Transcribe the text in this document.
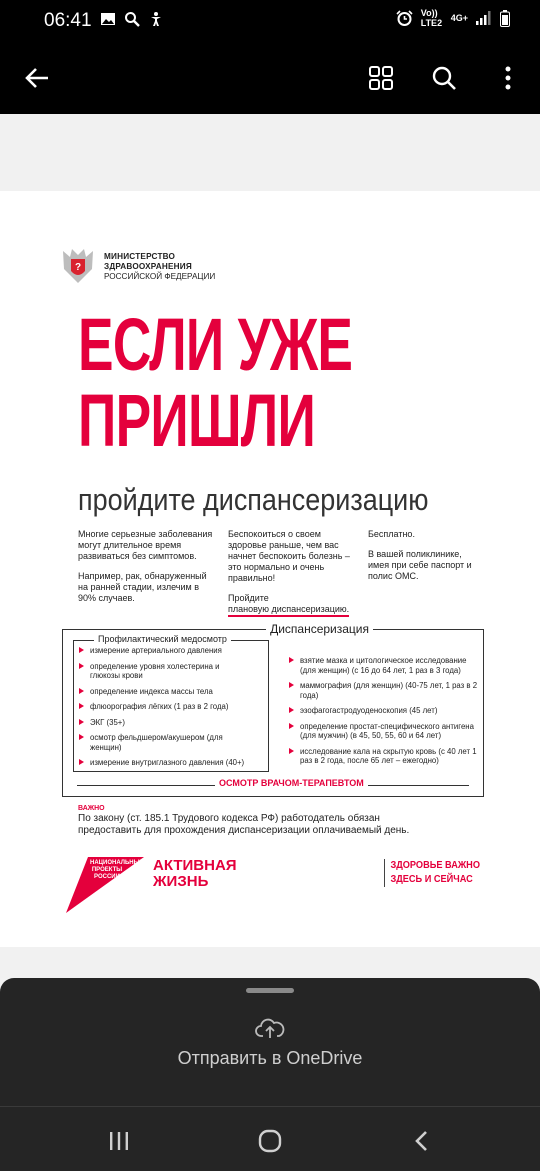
06:41	Vo)) LTE2 4G+
?
МИНИСТЕРСТВО
ЗДРАВООХРАНЕНИЯ
РОССИЙСКОЙ ФЕДЕРАЦИИ
ЕСЛИ УЖЕ
ПРИШЛИ
пройдите диспансеризацию

Многие серьезные заболевания могут длительное время развиваться без симптомов.

Например, рак, обнаруженный на ранней стадии, излечим в 90% случаев.

Беспокоиться о своем здоровье раньше, чем вас начнет беспокоить болезнь – это нормально и очень правильно!

Пройдите
плановую диспансеризацию.

Бесплатно.

В вашей поликлинике, имея при себе паспорт и полис ОМС.

Диспансеризация
Профилактический медосмотр
измерение артериального давления
определение уровня холестерина и глюкозы крови
определение индекса массы тела
флюорография лёгких (1 раз в 2 года)
ЭКГ (35+)
осмотр фельдшером/акушером (для женщин)
измерение внутриглазного давления (40+)
взятие мазка и цитологическое исследование (для женщин) (с 16 до 64 лет, 1 раз в 3 года)
маммография (для женщин) (40-75 лет, 1 раз в 2 года)
эзофагогастродуоденоскопия (45 лет)
определение простат-специфического антигена (для мужчин) (в 45, 50, 55, 60 и 64 лет)
исследование кала на скрытую кровь (с 40 лет 1 раз в 2 года, после 65 лет – ежегодно)
ОСМОТР ВРАЧОМ-ТЕРАПЕВТОМ
ВАЖНО
По закону (ст. 185.1 Трудового кодекса РФ) работодатель обязан
предоставить для прохождения диспансеризации оплачиваемый день.
НАЦИОНАЛЬНЫЕ
ПРОЕКТЫ
РОССИИ
АКТИВНАЯ
ЖИЗНЬ
ЗДОРОВЬЕ ВАЖНО
ЗДЕСЬ И СЕЙЧАС
Отправить в OneDrive
